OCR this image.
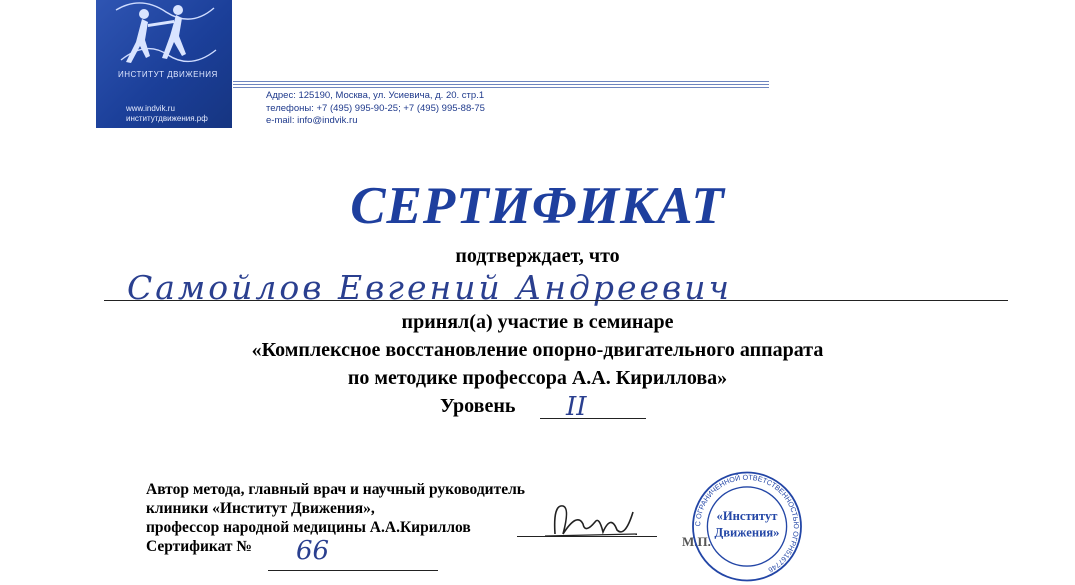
ИНСТИТУТ ДВИЖЕНИЯ
www.indvik.ru
институтдвижения.рф
Адрес: 125190, Москва, ул. Усиевича, д. 20. стр.1
телефоны: +7 (495) 995-90-25; +7 (495) 995-88-75
e-mail: info@indvik.ru
СЕРТИФИКАТ
подтверждает, что
Самойлов Евгений Андреевич
принял(а) участие в семинаре
«Комплексное восстановление опорно-двигательного аппарата
по методике профессора А.А. Кириллова»
Уровень II
Автор метода, главный врач и научный руководитель
клиники «Институт Движения»,
профессор народной медицины А.А.Кириллов
Сертификат №	66	М.П.
С ОГРАНИЧЕННОЙ ОТВЕТСТВЕННОСТЬЮ ОГРН5167746
«Институт
Движения»
